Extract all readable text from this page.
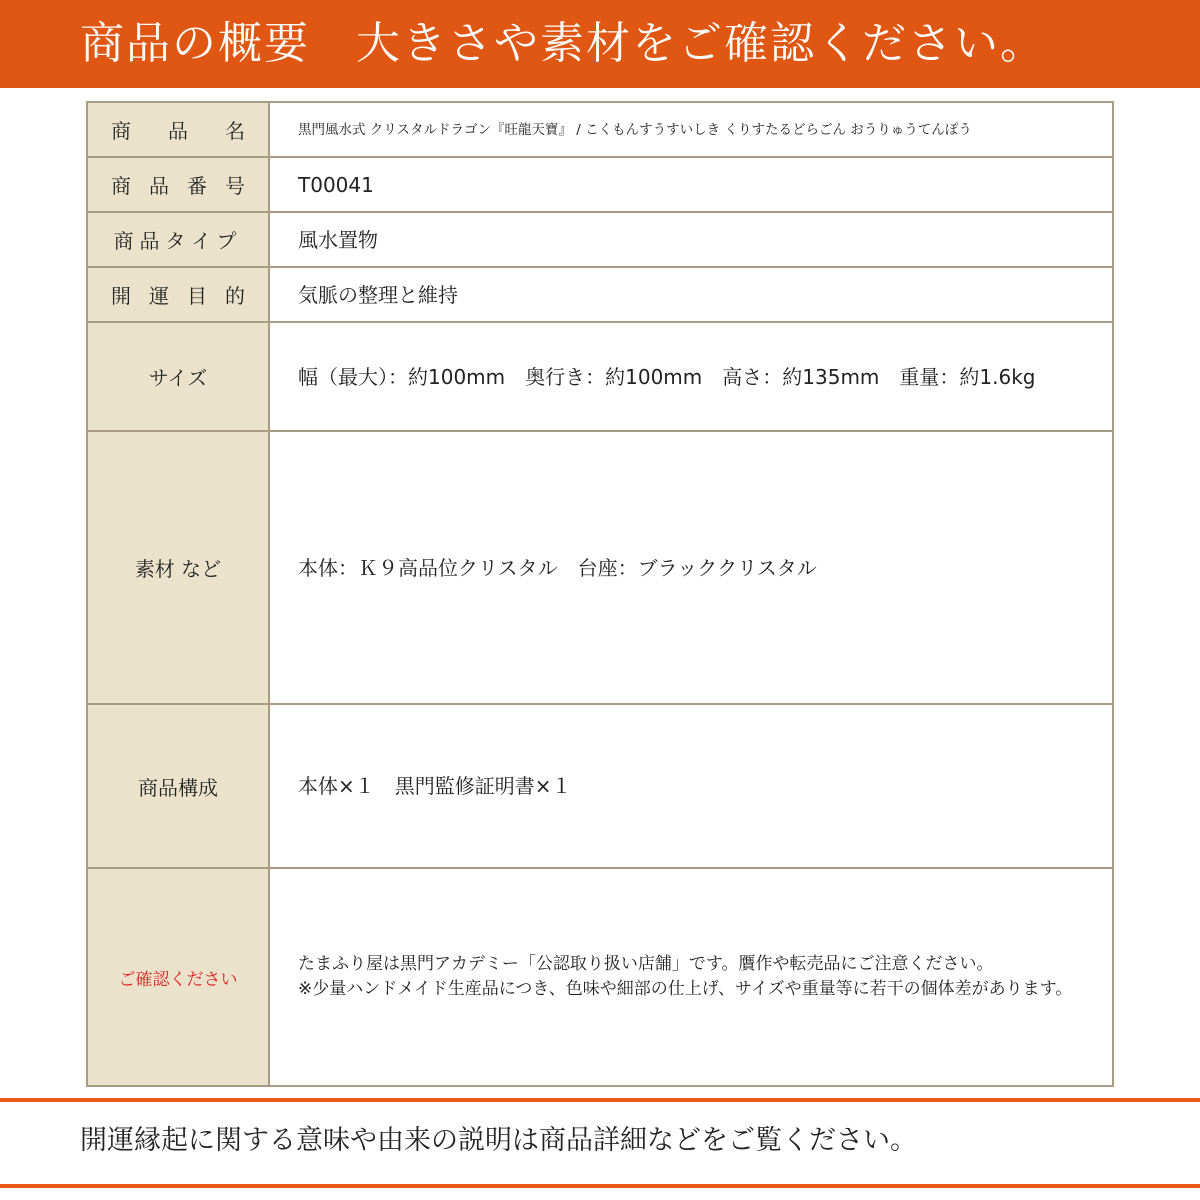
商品の概要　大きさや素材をご確認ください。
商 品 名	黒門風水式 クリスタルドラゴン『旺龍天寶』 / こくもんすうすいしき くりすたるどらごん おうりゅうてんぽう

商 品 番 号	T00041
商品タイプ	風水置物

開 運 目 的	気脈の整理と維持
サイズ	幅（最大）：約100mm　奥行き：約100mm　高さ：約135mm　重量：約1.6kg
素材 など	本体：Ｋ９高品位クリスタル　台座：ブラッククリスタル
商品構成	本体×１　黒門監修証明書×１
ご確認ください	たまふり屋は黒門アカデミー「公認取り扱い店舗」です。贋作や転売品にご注意ください。
※少量ハンドメイド生産品につき、色味や細部の仕上げ、サイズや重量等に若干の個体差があります。
開運縁起に関する意味や由来の説明は商品詳細などをご覧ください。
